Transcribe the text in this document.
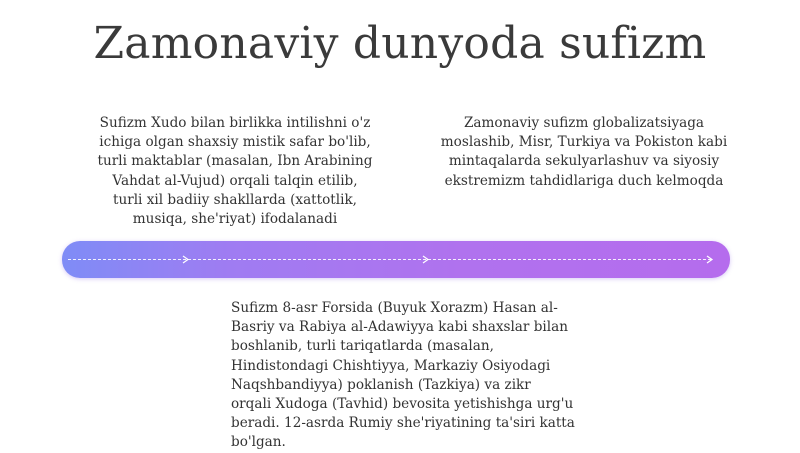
Zamonaviy dunyoda sufizm
Sufizm Xudo bilan birlikka intilishni o'z
ichiga olgan shaxsiy mistik safar bo'lib,
turli maktablar (masalan, Ibn Arabining
Vahdat al-Vujud) orqali talqin etilib,
turli xil badiiy shakllarda (xattotlik,
musiqa, she'riyat) ifodalanadi
Zamonaviy sufizm globalizatsiyaga
moslashib, Misr, Turkiya va Pokiston kabi
mintaqalarda sekulyarlashuv va siyosiy
ekstremizm tahdidlariga duch kelmoqda
Sufizm 8-asr Forsida (Buyuk Xorazm) Hasan al-
Basriy va Rabiya al-Adawiyya kabi shaxslar bilan
boshlanib, turli tariqatlarda (masalan,
Hindistondagi Chishtiyya, Markaziy Osiyodagi
Naqshbandiyya) poklanish (Tazkiya) va zikr
orqali Xudoga (Tavhid) bevosita yetishishga urg'u
beradi. 12-asrda Rumiy she'riyatining ta'siri katta
bo'lgan.
